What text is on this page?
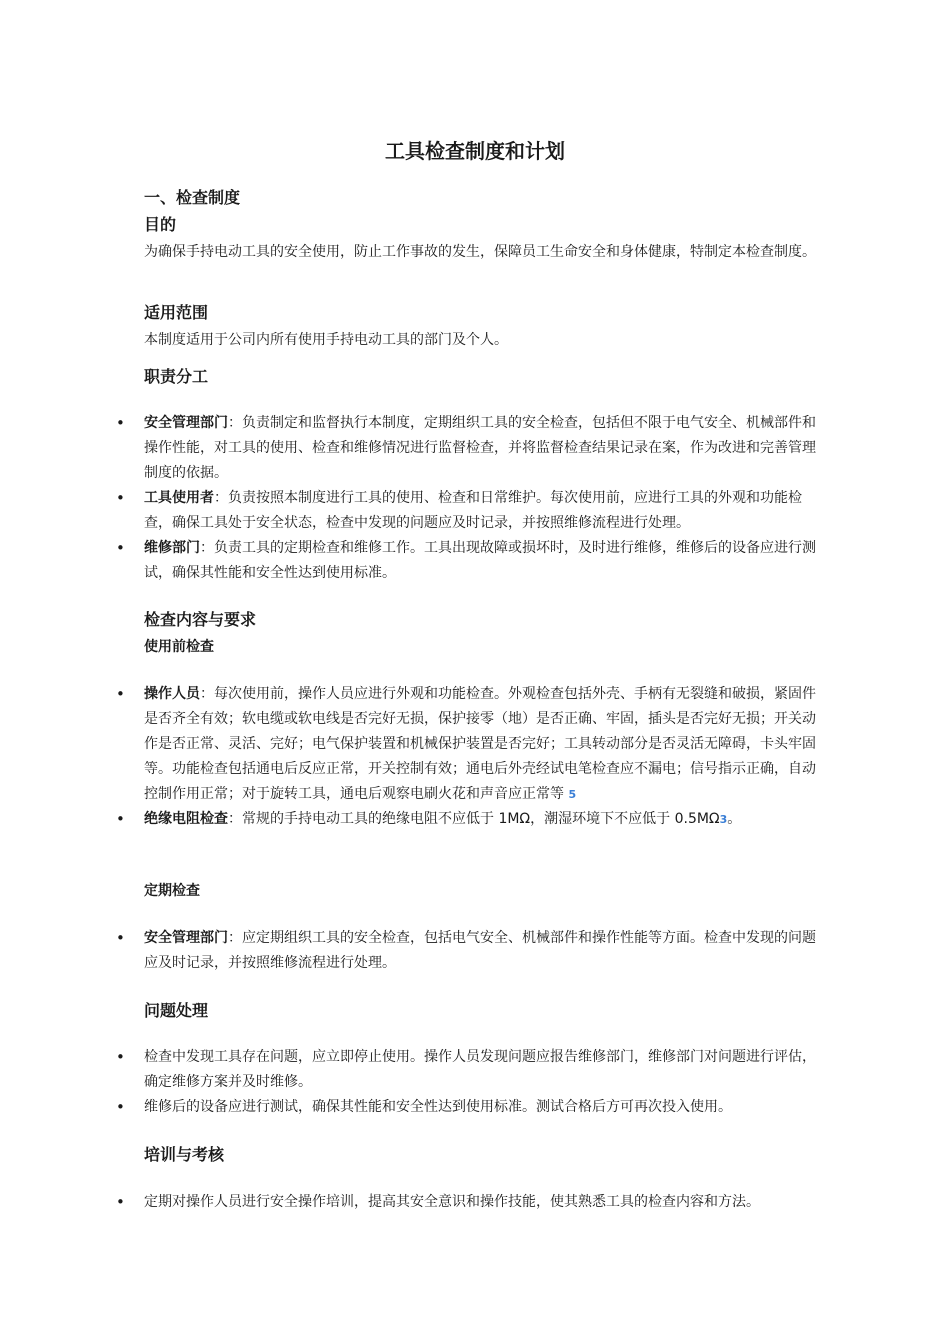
工具检查制度和计划
一、检查制度
目的

为确保手持电动工具的安全使用，防止工作事故的发生，保障员工生命安全和身体健康，特制定本检查制度。

适用范围

本制度适用于公司内所有使用手持电动工具的部门及个人。

职责分工
• 安全管理部门：负责制定和监督执行本制度，定期组织工具的安全检查，包括但不限于电气安全、机械部件和操作性能，对工具的使用、检查和维修情况进行监督检查，并将监督检查结果记录在案，作为改进和完善管理制度的依据。
• 工具使用者：负责按照本制度进行工具的使用、检查和日常维护。每次使用前，应进行工具的外观和功能检查，确保工具处于安全状态，检查中发现的问题应及时记录，并按照维修流程进行处理。
• 维修部门：负责工具的定期检查和维修工作。工具出现故障或损坏时，及时进行维修，维修后的设备应进行测试，确保其性能和安全性达到使用标准。
检查内容与要求
使用前检查
• 操作人员：每次使用前，操作人员应进行外观和功能检查。外观检查包括外壳、手柄有无裂缝和破损，紧固件是否齐全有效；软电缆或软电线是否完好无损，保护接零（地）是否正确、牢固，插头是否完好无损；开关动作是否正常、灵活、完好；电气保护装置和机械保护装置是否完好；工具转动部分是否灵活无障碍，卡头牢固等。功能检查包括通电后反应正常，开关控制有效；通电后外壳经试电笔检查应不漏电；信号指示正确，自动控制作用正常；对于旋转工具，通电后观察电刷火花和声音应正常等 5
• 绝缘电阻检查：常规的手持电动工具的绝缘电阻不应低于 1MΩ，潮湿环境下不应低于 0.5MΩ3。
定期检查
• 安全管理部门：应定期组织工具的安全检查，包括电气安全、机械部件和操作性能等方面。检查中发现的问题应及时记录，并按照维修流程进行处理。
问题处理
• 检查中发现工具存在问题，应立即停止使用。操作人员发现问题应报告维修部门，维修部门对问题进行评估，确定维修方案并及时维修。
• 维修后的设备应进行测试，确保其性能和安全性达到使用标准。测试合格后方可再次投入使用。
培训与考核
• 定期对操作人员进行安全操作培训，提高其安全意识和操作技能，使其熟悉工具的检查内容和方法。
